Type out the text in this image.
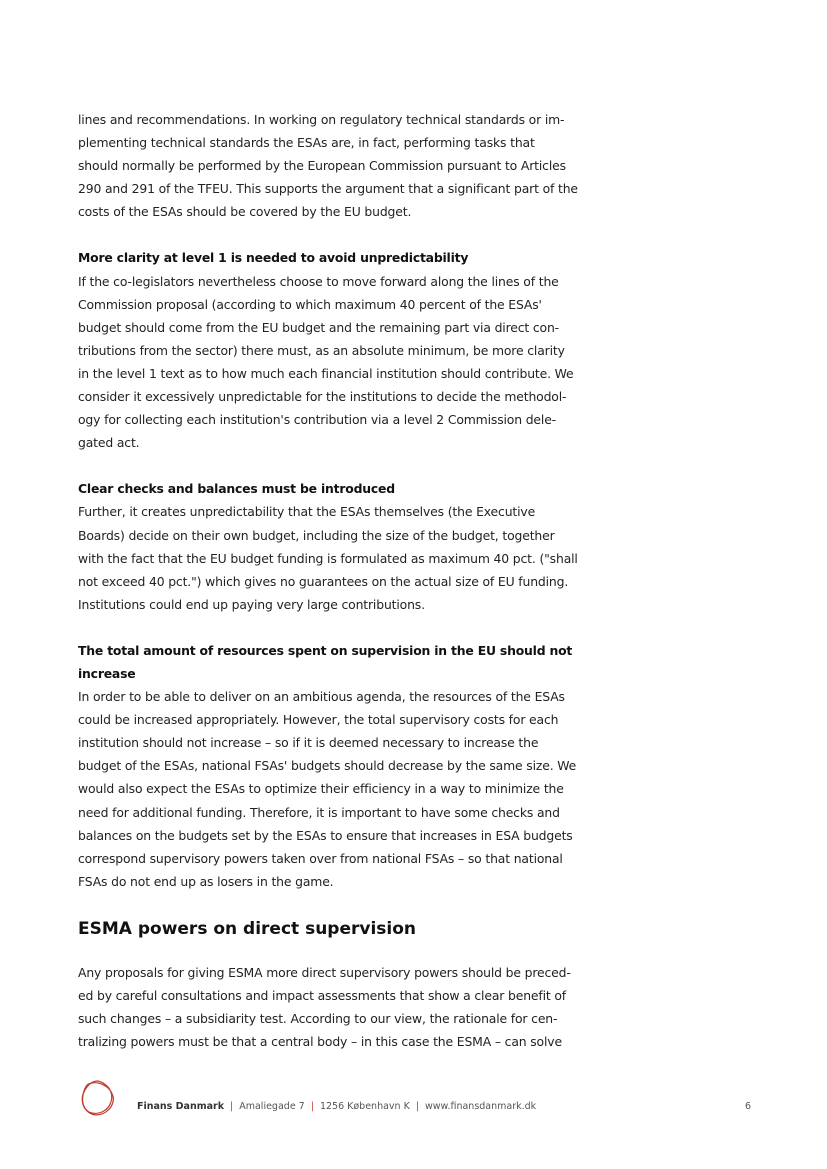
lines and recommendations. In working on regulatory technical standards or im-plementing technical standards the ESAs are, in fact, performing tasks that should normally be performed by the European Commission pursuant to Articles 290 and 291 of the TFEU. This supports the argument that a significant part of the costs of the ESAs should be covered by the EU budget.

More clarity at level 1 is needed to avoid unpredictability

If the co-legislators nevertheless choose to move forward along the lines of the Commission proposal (according to which maximum 40 percent of the ESAs' budget should come from the EU budget and the remaining part via direct con-tributions from the sector) there must, as an absolute minimum, be more clarity in the level 1 text as to how much each financial institution should contribute. We consider it excessively unpredictable for the institutions to decide the methodol-ogy for collecting each institution's contribution via a level 2 Commission dele-gated act.

Clear checks and balances must be introduced

Further, it creates unpredictability that the ESAs themselves (the Executive Boards) decide on their own budget, including the size of the budget, together with the fact that the EU budget funding is formulated as maximum 40 pct. ("shall not exceed 40 pct.") which gives no guarantees on the actual size of EU funding. Institutions could end up paying very large contributions.

The total amount of resources spent on supervision in the EU should not increase

In order to be able to deliver on an ambitious agenda, the resources of the ESAs could be increased appropriately. However, the total supervisory costs for each institution should not increase – so if it is deemed necessary to increase the budget of the ESAs, national FSAs' budgets should decrease by the same size. We would also expect the ESAs to optimize their efficiency in a way to minimize the need for additional funding. Therefore, it is important to have some checks and balances on the budgets set by the ESAs to ensure that increases in ESA budgets correspond supervisory powers taken over from national FSAs – so that national FSAs do not end up as losers in the game.

ESMA powers on direct supervision

Any proposals for giving ESMA more direct supervisory powers should be preced-ed by careful consultations and impact assessments that show a clear benefit of such changes – a subsidiarity test. According to our view, the rationale for cen-tralizing powers must be that a central body – in this case the ESMA – can solve

Finans Danmark | Amaliegade 7 | 1256 København K | www.finansdanmark.dk	6
